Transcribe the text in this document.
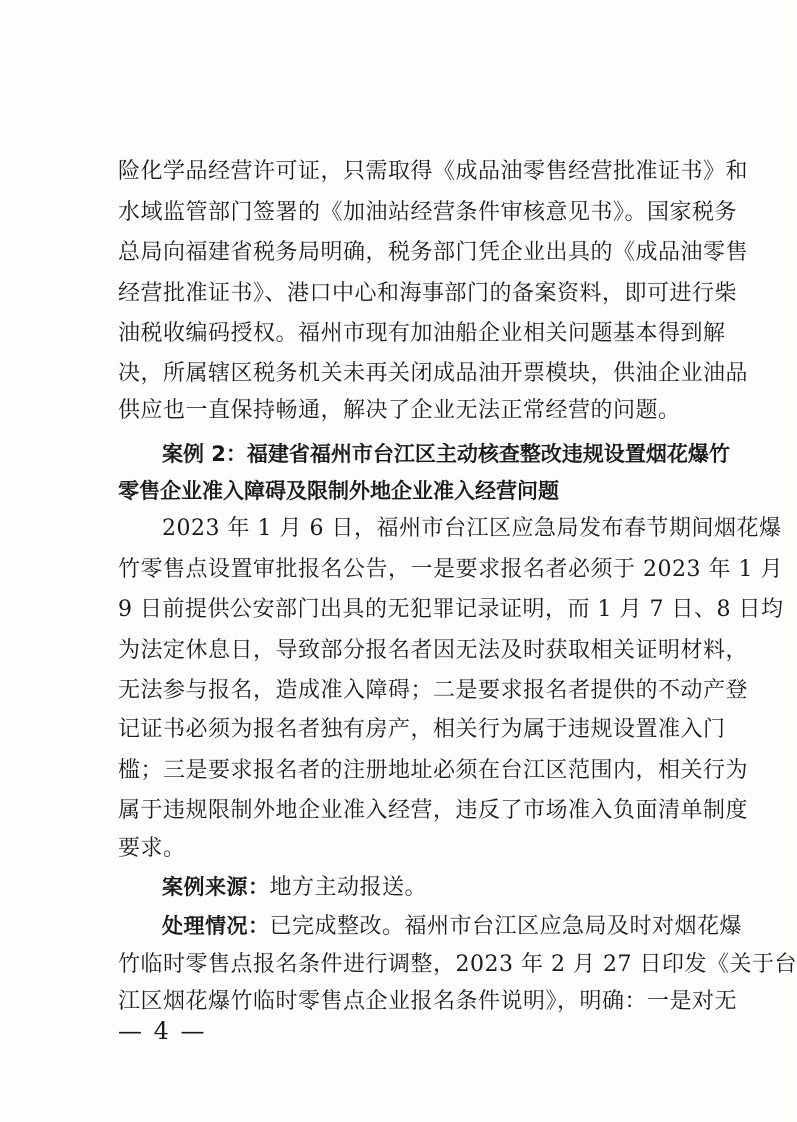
险化学品经营许可证，只需取得《成品油零售经营批准证书》和
水域监管部门签署的《加油站经营条件审核意见书》。国家税务
总局向福建省税务局明确，税务部门凭企业出具的《成品油零售
经营批准证书》、港口中心和海事部门的备案资料，即可进行柴
油税收编码授权。福州市现有加油船企业相关问题基本得到解
决，所属辖区税务机关未再关闭成品油开票模块，供油企业油品
供应也一直保持畅通，解决了企业无法正常经营的问题。
案例 2：福建省福州市台江区主动核查整改违规设置烟花爆竹
零售企业准入障碍及限制外地企业准入经营问题
2023 年 1 月 6 日，福州市台江区应急局发布春节期间烟花爆
竹零售点设置审批报名公告，一是要求报名者必须于 2023 年 1 月
9 日前提供公安部门出具的无犯罪记录证明，而 1 月 7 日、8 日均
为法定休息日，导致部分报名者因无法及时获取相关证明材料，
无法参与报名，造成准入障碍；二是要求报名者提供的不动产登
记证书必须为报名者独有房产，相关行为属于违规设置准入门
槛；三是要求报名者的注册地址必须在台江区范围内，相关行为
属于违规限制外地企业准入经营，违反了市场准入负面清单制度
要求。
案例来源：地方主动报送。
处理情况：已完成整改。福州市台江区应急局及时对烟花爆
竹临时零售点报名条件进行调整，2023 年 2 月 27 日印发《关于台
江区烟花爆竹临时零售点企业报名条件说明》，明确：一是对无
— 4 —
